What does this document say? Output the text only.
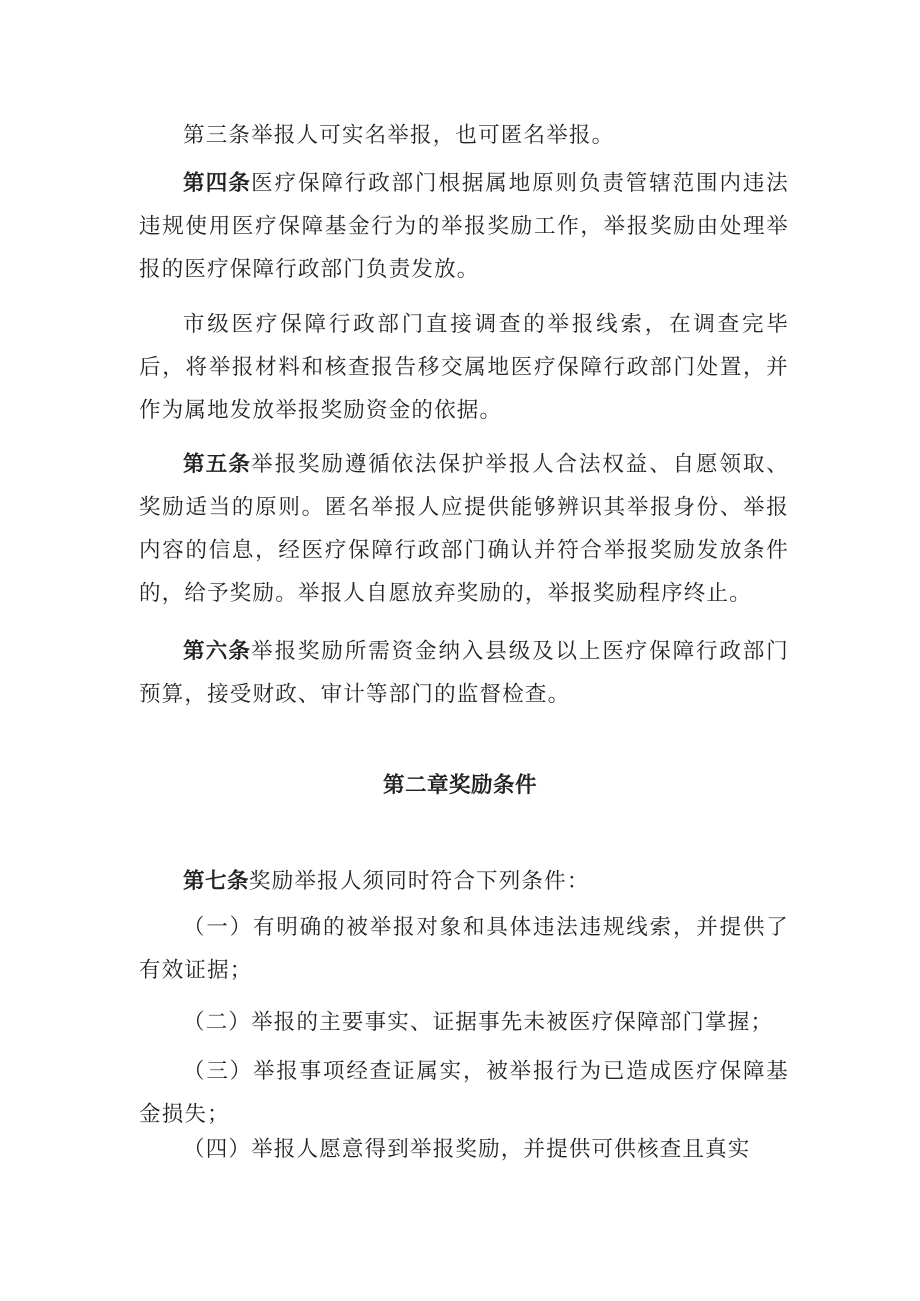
第三条举报人可实名举报，也可匿名举报。

第四条医疗保障行政部门根据属地原则负责管辖范围内违法违规使用医疗保障基金行为的举报奖励工作，举报奖励由处理举报的医疗保障行政部门负责发放。

市级医疗保障行政部门直接调查的举报线索，在调查完毕后，将举报材料和核查报告移交属地医疗保障行政部门处置，并作为属地发放举报奖励资金的依据。

第五条举报奖励遵循依法保护举报人合法权益、自愿领取、奖励适当的原则。匿名举报人应提供能够辨识其举报身份、举报内容的信息，经医疗保障行政部门确认并符合举报奖励发放条件的，给予奖励。举报人自愿放弃奖励的，举报奖励程序终止。

第六条举报奖励所需资金纳入县级及以上医疗保障行政部门预算，接受财政、审计等部门的监督检查。

第二章奖励条件

第七条奖励举报人须同时符合下列条件：

（一）有明确的被举报对象和具体违法违规线索，并提供了有效证据；

（二）举报的主要事实、证据事先未被医疗保障部门掌握；

（三）举报事项经查证属实，被举报行为已造成医疗保障基金损失；

（四）举报人愿意得到举报奖励，并提供可供核查且真实
